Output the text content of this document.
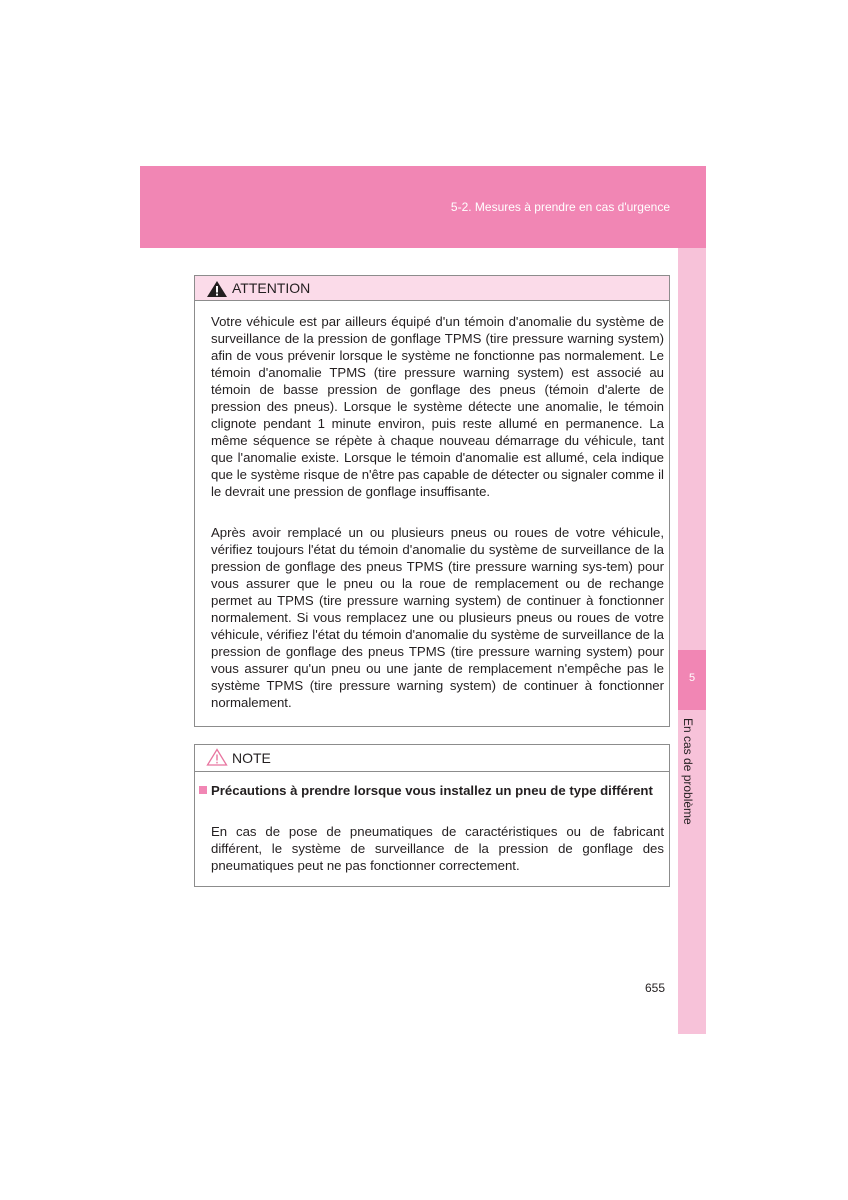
5-2. Mesures à prendre en cas d'urgence
5
En cas de problème
ATTENTION

Votre véhicule est par ailleurs équipé d'un témoin d'anomalie du système de surveillance de la pression de gonflage TPMS (tire pressure warning system) afin de vous prévenir lorsque le système ne fonctionne pas normalement. Le témoin d'anomalie TPMS (tire pressure warning system) est associé au témoin de basse pression de gonflage des pneus (témoin d'alerte de pression des pneus). Lorsque le système détecte une anomalie, le témoin clignote pendant 1 minute environ, puis reste allumé en permanence. La même séquence se répète à chaque nouveau démarrage du véhicule, tant que l'anomalie existe. Lorsque le témoin d'anomalie est allumé, cela indique que le système risque de n'être pas capable de détecter ou signaler comme il le devrait une pression de gonflage insuffisante.

Après avoir remplacé un ou plusieurs pneus ou roues de votre véhicule, vérifiez toujours l'état du témoin d'anomalie du système de surveillance de la pression de gonflage des pneus TPMS (tire pressure warning sys-tem) pour vous assurer que le pneu ou la roue de remplacement ou de rechange permet au TPMS (tire pressure warning system) de continuer à fonctionner normalement. Si vous remplacez une ou plusieurs pneus ou roues de votre véhicule, vérifiez l'état du témoin d'anomalie du système de surveillance de la pression de gonflage des pneus TPMS (tire pressure warning system) pour vous assurer qu'un pneu ou une jante de remplacement n'empêche pas le système TPMS (tire pressure warning system) de continuer à fonctionner normalement.

NOTE
Précautions à prendre lorsque vous installez un pneu de type différent

En cas de pose de pneumatiques de caractéristiques ou de fabricant différent, le système de surveillance de la pression de gonflage des pneumatiques peut ne pas fonctionner correctement.

655
